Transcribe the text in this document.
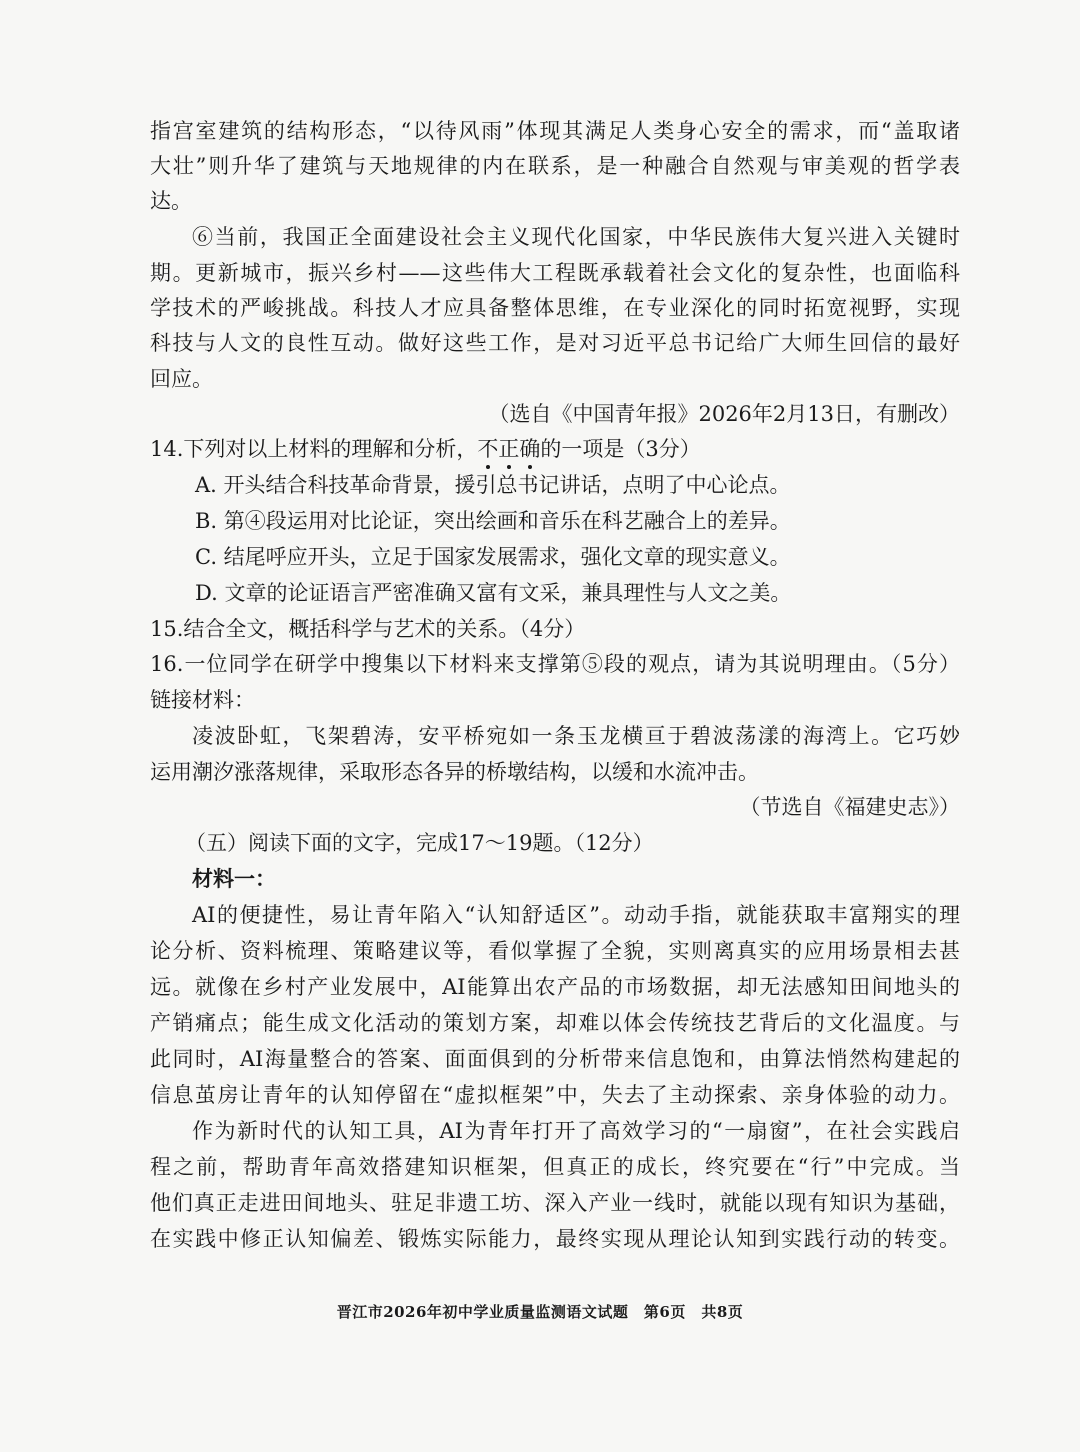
指宫室建筑的结构形态，“以待风雨”体现其满足人类身心安全的需求，而“盖取诸
大壮”则升华了建筑与天地规律的内在联系，是一种融合自然观与审美观的哲学表
达。
⑥当前，我国正全面建设社会主义现代化国家，中华民族伟大复兴进入关键时
期。更新城市，振兴乡村——这些伟大工程既承载着社会文化的复杂性，也面临科
学技术的严峻挑战。科技人才应具备整体思维，在专业深化的同时拓宽视野，实现
科技与人文的良性互动。做好这些工作，是对习近平总书记给广大师生回信的最好
回应。
（选自《中国青年报》2026年2月13日，有删改）
14.下列对以上材料的理解和分析，不正确的一项是（3分）
A. 开头结合科技革命背景，援引总书记讲话，点明了中心论点。
B. 第④段运用对比论证，突出绘画和音乐在科艺融合上的差异。
C. 结尾呼应开头，立足于国家发展需求，强化文章的现实意义。
D. 文章的论证语言严密准确又富有文采，兼具理性与人文之美。
15.结合全文，概括科学与艺术的关系。（4分）
16.一位同学在研学中搜集以下材料来支撑第⑤段的观点，请为其说明理由。（5分）
链接材料：
凌波卧虹，飞架碧涛，安平桥宛如一条玉龙横亘于碧波荡漾的海湾上。它巧妙
运用潮汐涨落规律，采取形态各异的桥墩结构，以缓和水流冲击。
（节选自《福建史志》）
（五）阅读下面的文字，完成17～19题。（12分）
材料一：
AI的便捷性，易让青年陷入“认知舒适区”。动动手指，就能获取丰富翔实的理
论分析、资料梳理、策略建议等，看似掌握了全貌，实则离真实的应用场景相去甚
远。就像在乡村产业发展中，AI能算出农产品的市场数据，却无法感知田间地头的
产销痛点；能生成文化活动的策划方案，却难以体会传统技艺背后的文化温度。与
此同时，AI海量整合的答案、面面俱到的分析带来信息饱和，由算法悄然构建起的
信息茧房让青年的认知停留在“虚拟框架”中，失去了主动探索、亲身体验的动力。
作为新时代的认知工具，AI为青年打开了高效学习的“一扇窗”，在社会实践启
程之前，帮助青年高效搭建知识框架，但真正的成长，终究要在“行”中完成。当
他们真正走进田间地头、驻足非遗工坊、深入产业一线时，就能以现有知识为基础，
在实践中修正认知偏差、锻炼实际能力，最终实现从理论认知到实践行动的转变。
晋江市2026年初中学业质量监测语文试题　第6页　共8页
